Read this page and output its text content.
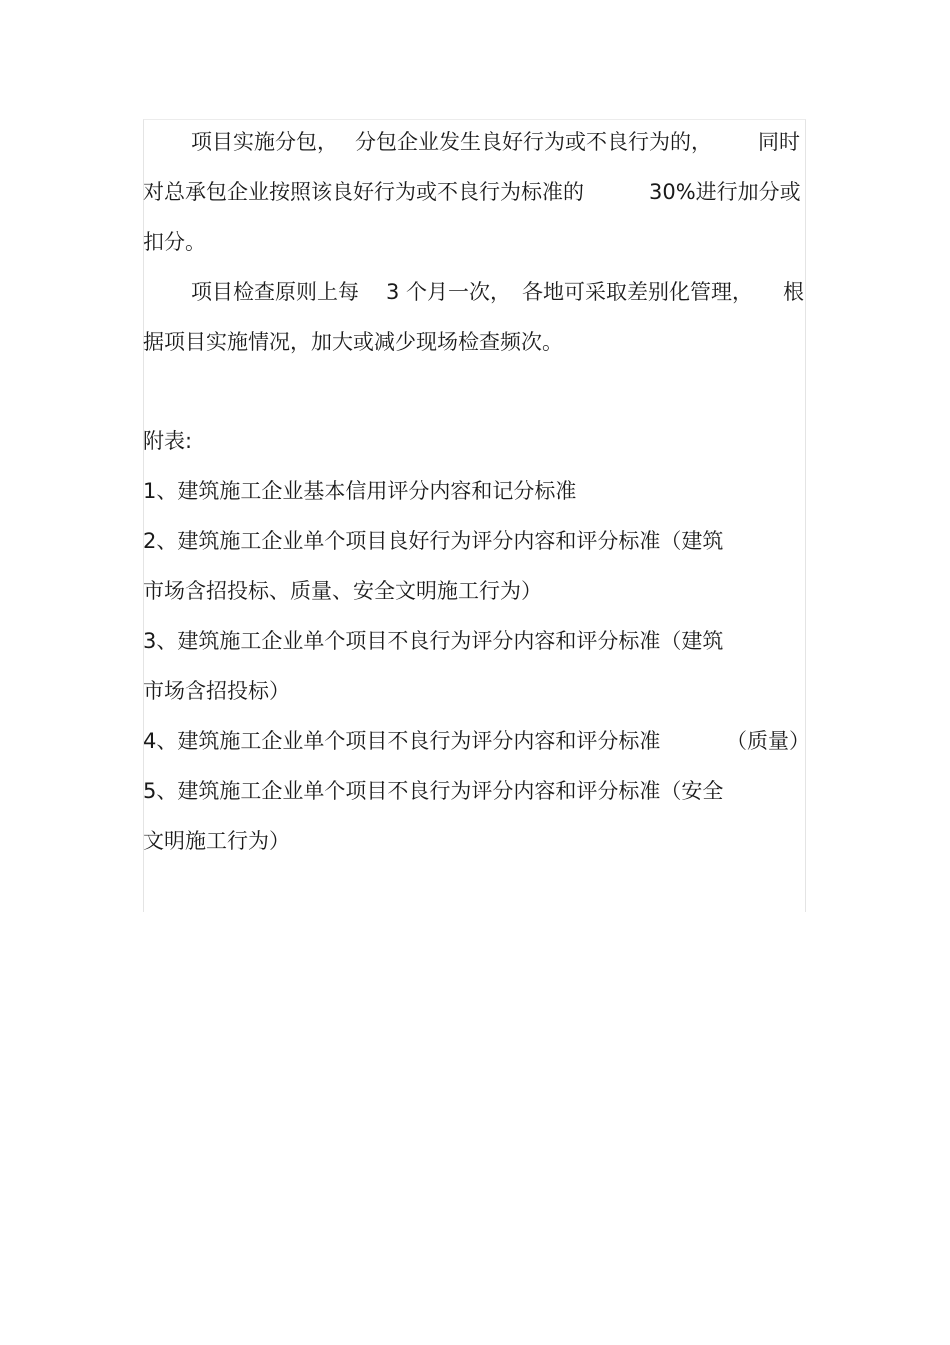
项目实施分包， 分包企业发生良好行为或不良行为的， 同时
对总承包企业按照该良好行为或不良行为标准的	30%进行加分或
扣分。
项目检查原则上每 3 个月一次， 各地可采取差别化管理， 根
据项目实施情况，加大或减少现场检查频次。
附表:
1、建筑施工企业基本信用评分内容和记分标准
2、建筑施工企业单个项目良好行为评分内容和评分标准（建筑
市场含招投标、质量、安全文明施工行为）
3、建筑施工企业单个项目不良行为评分内容和评分标准（建筑
市场含招投标）
4、建筑施工企业单个项目不良行为评分内容和评分标准	（质量）
5、建筑施工企业单个项目不良行为评分内容和评分标准（安全
文明施工行为）
